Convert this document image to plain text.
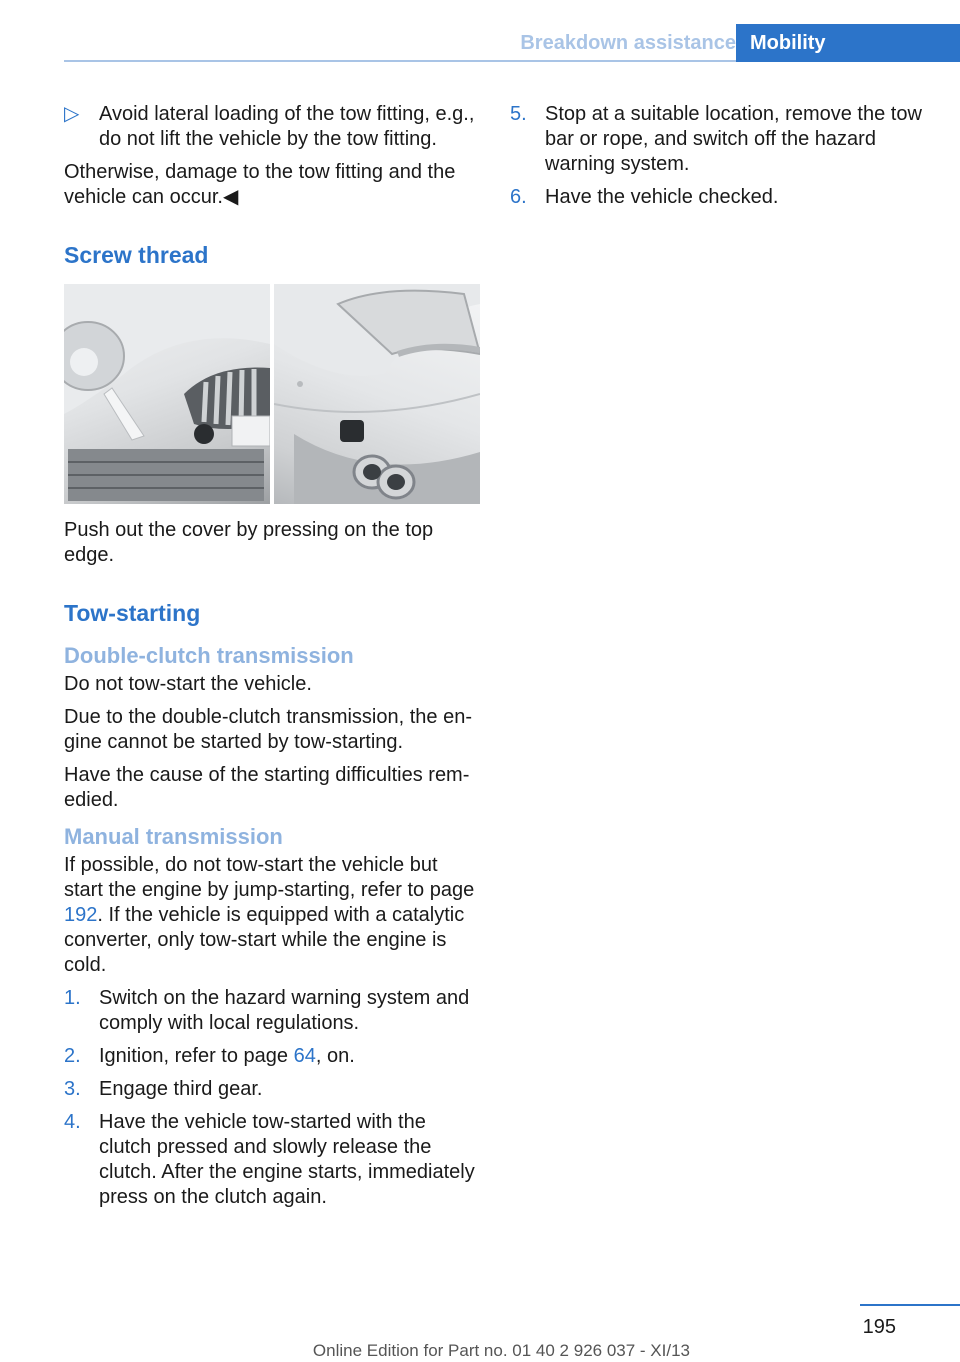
Breakdown assistance Mobility
▷ Avoid lateral loading of the tow fitting, e.g., do not lift the vehicle by the tow fitting.

Otherwise, damage to the tow fitting and the vehicle can occur.◀

Screw thread

Push out the cover by pressing on the top edge.

Tow-starting
Double-clutch transmission

Do not tow-start the vehicle.

Due to the double-clutch transmission, the engine cannot be started by tow-starting.

Have the cause of the starting difficulties remedied.

Manual transmission

If possible, do not tow-start the vehicle but start the engine by jump-starting, refer to page 192. If the vehicle is equipped with a catalytic converter, only tow-start while the engine is cold.

1. Switch on the hazard warning system and comply with local regulations.
2. Ignition, refer to page 64, on.
3. Engage third gear.
4. Have the vehicle tow-started with the clutch pressed and slowly release the clutch. After the engine starts, immediately press on the clutch again.
5. Stop at a suitable location, remove the tow bar or rope, and switch off the hazard warning system.
6. Have the vehicle checked.
195
Online Edition for Part no. 01 40 2 926 037 - XI/13
